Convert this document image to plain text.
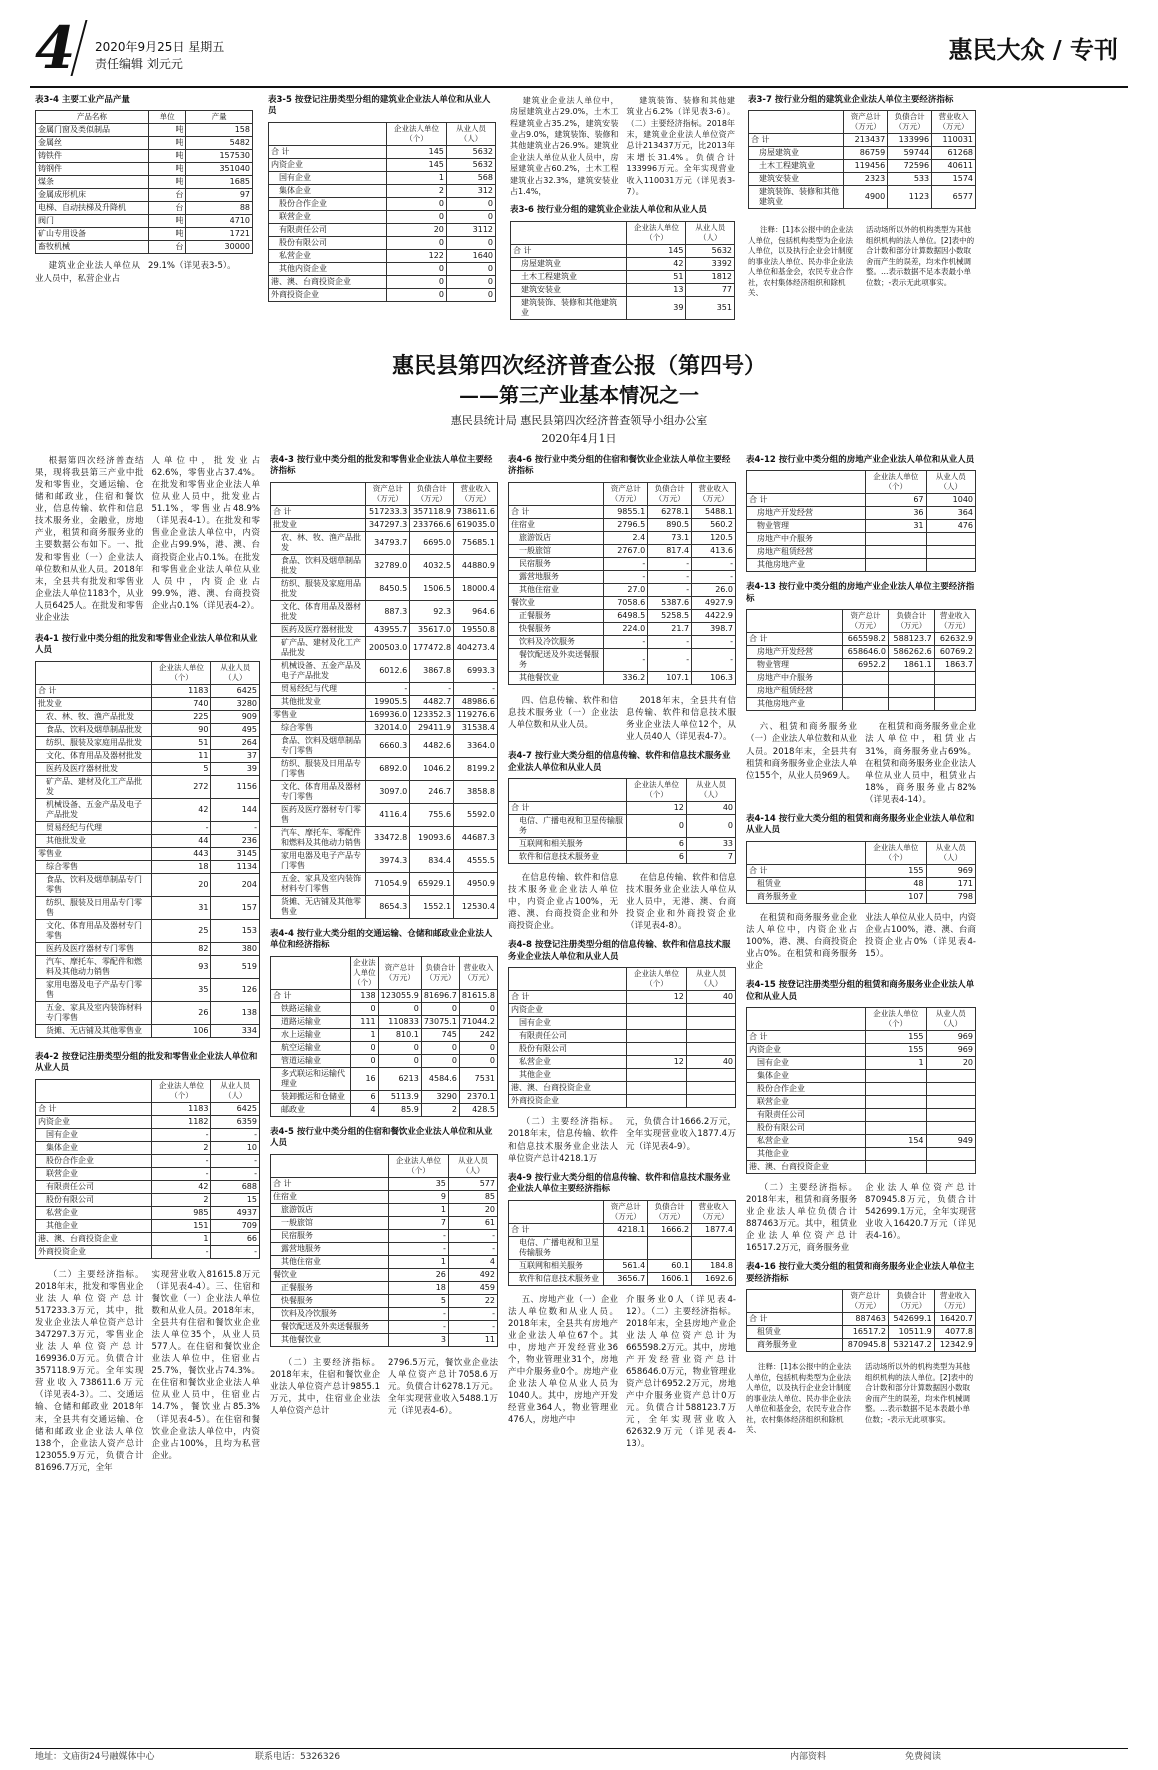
4 2020年9月25日 星期五
责任编辑 刘元元	惠民大众 / 专刊
表3-4 主要工业产品产量
产品名称	单位	产量
金属门窗及类似制品	吨	158
金属丝	吨	5482
铸铁件	吨	157530
铸钢件	吨	351040
煤条	吨	1685
金属成形机床	台	97
电梯、自动扶梯及升降机	台	88
阀门	吨	4710
矿山专用设备	吨	1721
畜牧机械	台	30000
建筑业企业法人单位从业人员中，私营企业占
29.1%（详见表3-5）。
表3-5 按登记注册类型分组的建筑业企业法人单位和从业人员
	企业法人单位（个）	从业人员（人）
合 计	145	5632
内资企业	145	5632
国有企业	1	568
集体企业	2	312
股份合作企业	0	0
联营企业	0	0
有限责任公司	20	3112
股份有限公司	0	0
私营企业	122	1640
其他内资企业	0	0
港、澳、台商投资企业	0	0
外商投资企业	0	0
建筑业企业法人单位中，房屋建筑业占29.0%，土木工程建筑业占35.2%，建筑安装业占9.0%，建筑装饰、装修和其他建筑业占26.9%。建筑业企业法人单位从业人员中，房屋建筑业占60.2%，土木工程建筑业占32.3%，建筑安装业占1.4%，
建筑装饰、装修和其他建筑业占6.2%（详见表3-6）。（二）主要经济指标。2018年末，建筑业企业法人单位资产总计213437万元，比2013年末增长31.4%。负债合计133996万元。全年实现营业收入110031万元（详见表3-7）。
表3-6 按行业分组的建筑业企业法人单位和从业人员
	企业法人单位（个）	从业人员（人）
合 计	145	5632
房屋建筑业	42	3392
土木工程建筑业	51	1812
建筑安装业	13	77
建筑装饰、装修和其他建筑业	39	351
表3-7 按行业分组的建筑业企业法人单位主要经济指标
	资产总计（万元）	负债合计（万元）	营业收入（万元）
合 计	213437	133996	110031
房屋建筑业	86759	59744	61268
土木工程建筑业	119456	72596	40611
建筑安装业	2323	533	1574
建筑装饰、装修和其他建筑业	4900	1123	6577
注释：[1]本公报中的企业法人单位，包括机构类型为企业法人单位，以及执行企业会计制度的事业法人单位、民办非企业法人单位和基金会，农民专业合作社，农村集体经济组织和除机关、
活动场所以外的机构类型为其他组织机构的法人单位。[2]表中的合计数和部分计算数据因小数取舍而产生的误差，均未作机械调整。…表示数据不足本表最小单位数；-表示无此项事实。
惠民县第四次经济普查公报（第四号）
——第三产业基本情况之一
惠民县统计局 惠民县第四次经济普查领导小组办公室
2020年4月1日
根据第四次经济普查结果，现将我县第三产业中批发和零售业，交通运输、仓储和邮政业，住宿和餐饮业，信息传输、软件和信息技术服务业，金融业，房地产业，租赁和商务服务业的主要数据公布如下。一、批发和零售业（一）企业法人单位数和从业人员。2018年末，全县共有批发和零售业企业法人单位1183个，从业人员6425人。在批发和零售业企业法
人单位中，批发业占62.6%，零售业占37.4%。在批发和零售业企业法人单位从业人员中，批发业占51.1%，零售业占48.9%（详见表4-1）。在批发和零售业企业法人单位中，内资企业占99.9%，港、澳、台商投资企业占0.1%。在批发和零售业企业法人单位从业人员中，内资企业占99.9%，港、澳、台商投资企业占0.1%（详见表4-2）。
表4-1 按行业中类分组的批发和零售业企业法人单位和从业人员
	企业法人单位（个）	从业人员（人）
合 计	1183	6425
批发业	740	3280
农、林、牧、渔产品批发	225	909
食品、饮料及烟草制品批发	90	495
纺织、服装及家庭用品批发	51	264
文化、体育用品及器材批发	11	37
医药及医疗器材批发	5	39
矿产品、建材及化工产品批发	272	1156
机械设备、五金产品及电子产品批发	42	144
贸易经纪与代理	-	-
其他批发业	44	236
零售业	443	3145
综合零售	18	1134
食品、饮料及烟草制品专门零售	20	204
纺织、服装及日用品专门零售	31	157
文化、体育用品及器材专门零售	25	153
医药及医疗器材专门零售	82	380
汽车、摩托车、零配件和燃料及其他动力销售	93	519
家用电器及电子产品专门零售	35	126
五金、家具及室内装饰材料专门零售	26	138
货摊、无店铺及其他零售业	106	334
表4-2 按登记注册类型分组的批发和零售业企业法人单位和从业人员
	企业法人单位（个）	从业人员（人）
合 计	1183	6425
内资企业	1182	6359
国有企业	-	-
集体企业	2	10
股份合作企业	-	-
联营企业	-	-
有限责任公司	42	688
股份有限公司	2	15
私营企业	985	4937
其他企业	151	709
港、澳、台商投资企业	1	66
外商投资企业	-	-
（二）主要经济指标。2018年末，批发和零售业企业法人单位资产总计517233.3万元，其中，批发业企业法人单位资产总计347297.3万元，零售业企业法人单位资产总计169936.0万元。负债合计357118.9万元。全年实现营业收入738611.6万元（详见表4-3）。二、交通运输、仓储和邮政业 2018年末，全县共有交通运输、仓储和邮政业企业法人单位138个，企业法人资产总计123055.9万元，负债合计81696.7万元，全年
实现营业收入81615.8万元（详见表4-4）。三、住宿和餐饮业（一）企业法人单位数和从业人员。2018年末，全县共有住宿和餐饮业企业法人单位35个，从业人员577人。在住宿和餐饮业企业法人单位中，住宿业占25.7%，餐饮业占74.3%。在住宿和餐饮业企业法人单位从业人员中，住宿业占14.7%，餐饮业占85.3%（详见表4-5）。在住宿和餐饮业企业法人单位中，内资企业占100%，且均为私营企业。
表4-3 按行业中类分组的批发和零售业企业法人单位主要经济指标
	资产总计（万元）	负债合计（万元）	营业收入（万元）
合 计	517233.3	357118.9	738611.6
批发业	347297.3	233766.6	619035.0
农、林、牧、渔产品批发	34793.7	6695.0	75685.1
食品、饮料及烟草制品批发	32789.0	4032.5	44880.9
纺织、服装及家庭用品批发	8450.5	1506.5	18000.4
文化、体育用品及器材批发	887.3	92.3	964.6
医药及医疗器材批发	43955.7	35617.0	19550.8
矿产品、建材及化工产品批发	200503.0	177472.8	404273.4
机械设备、五金产品及电子产品批发	6012.6	3867.8	6993.3
贸易经纪与代理	-	-	-
其他批发业	19905.5	4482.7	48986.6
零售业	169936.0	123352.3	119276.6
综合零售	32014.0	29411.9	31538.4
食品、饮料及烟草制品专门零售	6660.3	4482.6	3364.0
纺织、服装及日用品专门零售	6892.0	1046.2	8199.2
文化、体育用品及器材专门零售	3097.0	246.7	3858.8
医药及医疗器材专门零售	4116.4	755.6	5592.0
汽车、摩托车、零配件和燃料及其他动力销售	33472.8	19093.6	44687.3
家用电器及电子产品专门零售	3974.3	834.4	4555.5
五金、家具及室内装饰材料专门零售	71054.9	65929.1	4950.9
货摊、无店铺及其他零售业	8654.3	1552.1	12530.4
表4-4 按行业大类分组的交通运输、仓储和邮政业企业法人单位和经济指标
	企业法人单位（个）	资产总计（万元）	负债合计（万元）	营业收入（万元）
合 计	138	123055.9	81696.7	81615.8
铁路运输业	0	0	0	0
道路运输业	111	110833	73075.1	71044.2
水上运输业	1	810.1	745	242
航空运输业	0	0	0	0
管道运输业	0	0	0	0
多式联运和运输代理业	16	6213	4584.6	7531
装卸搬运和仓储业	6	5113.9	3290	2370.1
邮政业	4	85.9	2	428.5
表4-5 按行业中类分组的住宿和餐饮业企业法人单位和从业人员
	企业法人单位（个）	从业人员（人）
合 计	35	577
住宿业	9	85
旅游饭店	1	20
一般旅馆	7	61
民宿服务	-	-
露营地服务	-	-
其他住宿业	1	4
餐饮业	26	492
正餐服务	18	459
快餐服务	5	22
饮料及冷饮服务	-	-
餐饮配送及外卖送餐服务	-	-
其他餐饮业	3	11
（二）主要经济指标。2018年末，住宿和餐饮业企业法人单位资产总计9855.1万元，其中，住宿业企业法人单位资产总计
2796.5万元，餐饮业企业法人单位资产总计7058.6万元。负债合计6278.1万元。全年实现营业收入5488.1万元（详见表4-6）。
表4-6 按行业中类分组的住宿和餐饮业企业法人单位主要经济指标
	资产总计（万元）	负债合计（万元）	营业收入（万元）
合 计	9855.1	6278.1	5488.1
住宿业	2796.5	890.5	560.2
旅游饭店	2.4	73.1	120.5
一般旅馆	2767.0	817.4	413.6
民宿服务	-	-	-
露营地服务	-	-	-
其他住宿业	27.0	-	26.0
餐饮业	7058.6	5387.6	4927.9
正餐服务	6498.5	5258.5	4422.9
快餐服务	224.0	21.7	398.7
饮料及冷饮服务	-	-	-
餐饮配送及外卖送餐服务	-	-	-
其他餐饮业	336.2	107.1	106.3
四、信息传输、软件和信息技术服务业（一）企业法人单位数和从业人员。
2018年末，全县共有信息传输、软件和信息技术服务业企业法人单位12个，从业人员40人（详见表4-7）。
表4-7 按行业大类分组的信息传输、软件和信息技术服务业企业法人单位和从业人员
	企业法人单位（个）	从业人员（人）
合 计	12	40
电信、广播电视和卫星传输服务	0	0
互联网和相关服务	6	33
软件和信息技术服务业	6	7
在信息传输、软件和信息技术服务业企业法人单位中，内资企业占100%，无港、澳、台商投资企业和外商投资企业。
在信息传输、软件和信息技术服务业企业法人单位从业人员中，无港、澳、台商投资企业和外商投资企业（详见表4-8）。
表4-8 按登记注册类型分组的信息传输、软件和信息技术服务业企业法人单位和从业人员
	企业法人单位（个）	从业人员（人）
合 计	12	40
内资企业		
国有企业		
有限责任公司		
股份有限公司		
私营企业	12	40
其他企业		
港、澳、台商投资企业		
外商投资企业		
（二）主要经济指标。2018年末，信息传输、软件和信息技术服务业企业法人单位资产总计4218.1万
元，负债合计1666.2万元，全年实现营业收入1877.4万元（详见表4-9）。
表4-9 按行业大类分组的信息传输、软件和信息技术服务业企业法人单位主要经济指标
	资产总计（万元）	负债合计（万元）	营业收入（万元）
合 计	4218.1	1666.2	1877.4
电信、广播电视和卫星传输服务			
互联网和相关服务	561.4	60.1	184.8
软件和信息技术服务业	3656.7	1606.1	1692.6
五、房地产业（一）企业法人单位数和从业人员。2018年末，全县共有房地产业企业法人单位67个。其中，房地产开发经营业36个，物业管理业31个，房地产中介服务业0个。房地产业企业法人单位从业人员为1040人。其中，房地产开发经营业364人，物业管理业476人，房地产中
介服务业0人（详见表4-12）。（二）主要经济指标。2018年末，全县房地产业企业法人单位资产总计为665598.2万元。其中，房地产开发经营业资产总计658646.0万元，物业管理业资产总计6952.2万元，房地产中介服务业资产总计0万元。负债合计588123.7万元，全年实现营业收入62632.9万元（详见表4-13）。
表4-12 按行业中类分组的房地产业企业法人单位和从业人员
	企业法人单位（个）	从业人员（人）
合 计	67	1040
房地产开发经营	36	364
物业管理	31	476
房地产中介服务		
房地产租赁经营		
其他房地产业		
表4-13 按行业中类分组的房地产业企业法人单位主要经济指标
	资产总计（万元）	负债合计（万元）	营业收入（万元）
合 计	665598.2	588123.7	62632.9
房地产开发经营	658646.0	586262.6	60769.2
物业管理	6952.2	1861.1	1863.7
房地产中介服务			
房地产租赁经营			
其他房地产业			
六、租赁和商务服务业（一）企业法人单位数和从业人员。2018年末，全县共有租赁和商务服务业企业法人单位155个，从业人员969人。
在租赁和商务服务业企业法人单位中，租赁业占31%，商务服务业占69%。在租赁和商务服务业企业法人单位从业人员中，租赁业占18%，商务服务业占82%（详见表4-14）。
表4-14 按行业大类分组的租赁和商务服务业企业法人单位和从业人员
	企业法人单位（个）	从业人员（人）
合 计	155	969
租赁业	48	171
商务服务业	107	798
在租赁和商务服务业企业法人单位中，内资企业占100%，港、澳、台商投资企业占0%。在租赁和商务服务业企
业法人单位从业人员中，内资企业占100%，港、澳、台商投资企业占0%（详见表4-15）。
表4-15 按登记注册类型分组的租赁和商务服务业企业法人单位和从业人员
	企业法人单位（个）	从业人员（人）
合 计	155	969
内资企业	155	969
国有企业	1	20
集体企业		
股份合作企业		
联营企业		
有限责任公司		
股份有限公司		
私营企业	154	949
其他企业		
港、澳、台商投资企业		
（二）主要经济指标。2018年末，租赁和商务服务业企业法人单位负债合计887463万元。其中，租赁业企业法人单位资产总计16517.2万元，商务服务业
企业法人单位资产总计870945.8万元，负债合计542699.1万元，全年实现营业收入16420.7万元（详见表4-16）。
表4-16 按行业大类分组的租赁和商务服务业企业法人单位主要经济指标
	资产总计（万元）	负债合计（万元）	营业收入（万元）
合 计	887463	542699.1	16420.7
租赁业	16517.2	10511.9	4077.8
商务服务业	870945.8	532147.2	12342.9
注释：[1]本公报中的企业法人单位，包括机构类型为企业法人单位，以及执行企业会计制度的事业法人单位、民办非企业法人单位和基金会，农民专业合作社，农村集体经济组织和除机关、
活动场所以外的机构类型为其他组织机构的法人单位。[2]表中的合计数和部分计算数据因小数取舍而产生的误差，均未作机械调整。…表示数据不足本表最小单位数；-表示无此项事实。
地址：文庙街24号融媒体中心	联系电话：5326326	内部资料	免费阅读
